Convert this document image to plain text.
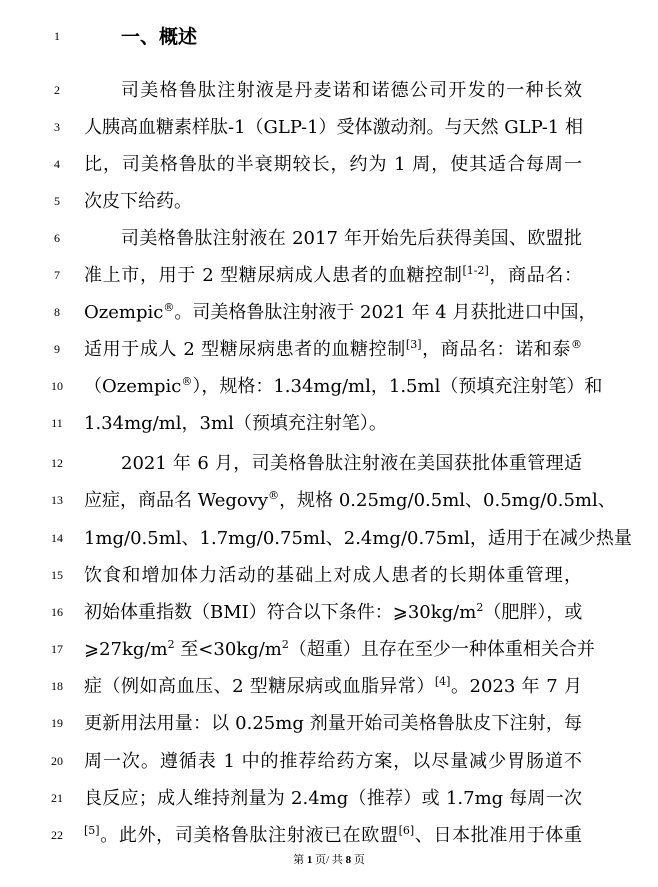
1	一、概述
2	司美格鲁肽注射液是丹麦诺和诺德公司开发的一种长效
3	人胰高血糖素样肽-1（GLP-1）受体激动剂。与天然 GLP-1 相
4	比，司美格鲁肽的半衰期较长，约为 1 周，使其适合每周一
5	次皮下给药。
6	司美格鲁肽注射液在 2017 年开始先后获得美国、欧盟批
7	准上市，用于 2 型糖尿病成人患者的血糖控制[1-2]，商品名：
8	Ozempic®。司美格鲁肽注射液于 2021 年 4 月获批进口中国，
9	适用于成人 2 型糖尿病患者的血糖控制[3]，商品名：诺和泰®
10	（Ozempic®），规格：1.34mg/ml，1.5ml（预填充注射笔）和
11	1.34mg/ml，3ml（预填充注射笔）。
12	2021 年 6 月，司美格鲁肽注射液在美国获批体重管理适
13	应症，商品名 Wegovy®，规格 0.25mg/0.5ml、0.5mg/0.5ml、
14	1mg/0.5ml、1.7mg/0.75ml、2.4mg/0.75ml，适用于在减少热量
15	饮食和增加体力活动的基础上对成人患者的长期体重管理，
16	初始体重指数（BMI）符合以下条件：$⩾30kg/m^2$（肥胖），或
17	$⩾27kg/m^2$ 至$<30kg/m^2$（超重）且存在至少一种体重相关合并
18	症（例如高血压、2 型糖尿病或血脂异常）[4]。2023 年 7 月
19	更新用法用量：以 0.25mg 剂量开始司美格鲁肽皮下注射，每
20	周一次。遵循表 1 中的推荐给药方案，以尽量减少胃肠道不
21	良反应；成人维持剂量为 2.4mg（推荐）或 1.7mg 每周一次
22	[5]。此外，司美格鲁肽注射液已在欧盟[6]、日本批准用于体重
第 1 页/ 共 8 页
